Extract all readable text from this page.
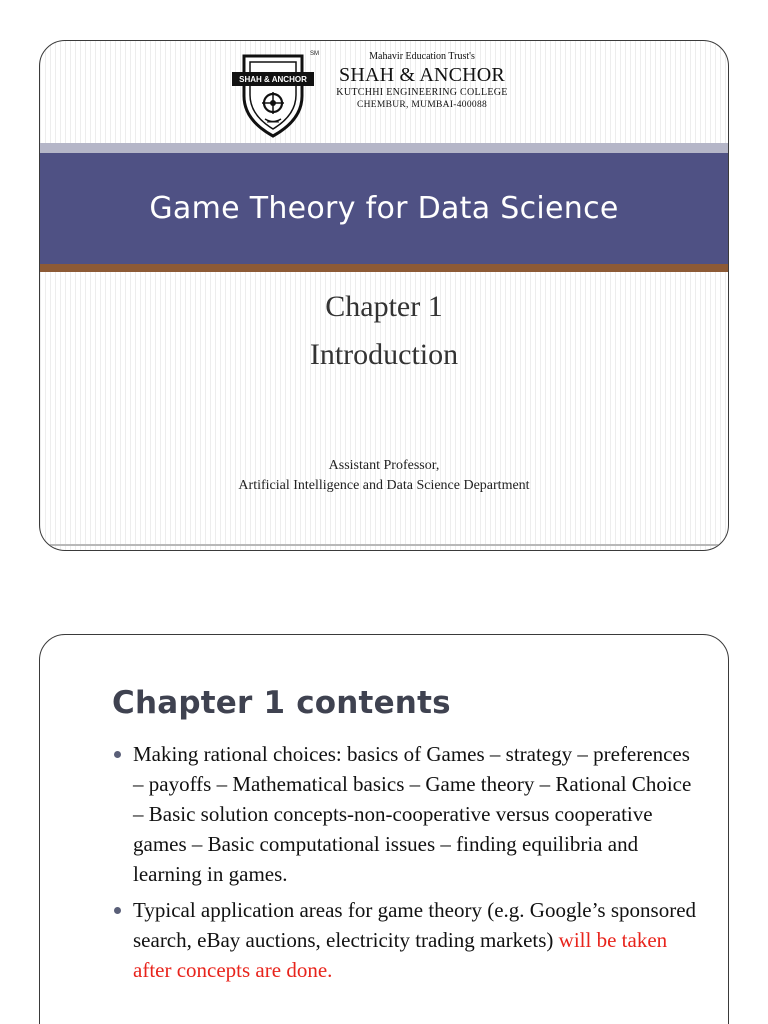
SHAH & ANCHOR
SM	Mahavir Education Trust's
SHAH & ANCHOR
KUTCHHI ENGINEERING COLLEGE
CHEMBUR, MUMBAI-400088
Game Theory for Data Science
Chapter 1
Introduction
Assistant Professor,
Artificial Intelligence and Data Science Department
Chapter 1 contents
Making rational choices: basics of Games – strategy – preferences – payoffs – Mathematical basics – Game theory – Rational Choice – Basic solution concepts-non-cooperative versus cooperative games – Basic computational issues – finding equilibria and learning in games.
Typical application areas for game theory (e.g. Google’s sponsored search, eBay auctions, electricity trading markets) will be taken after concepts are done.
